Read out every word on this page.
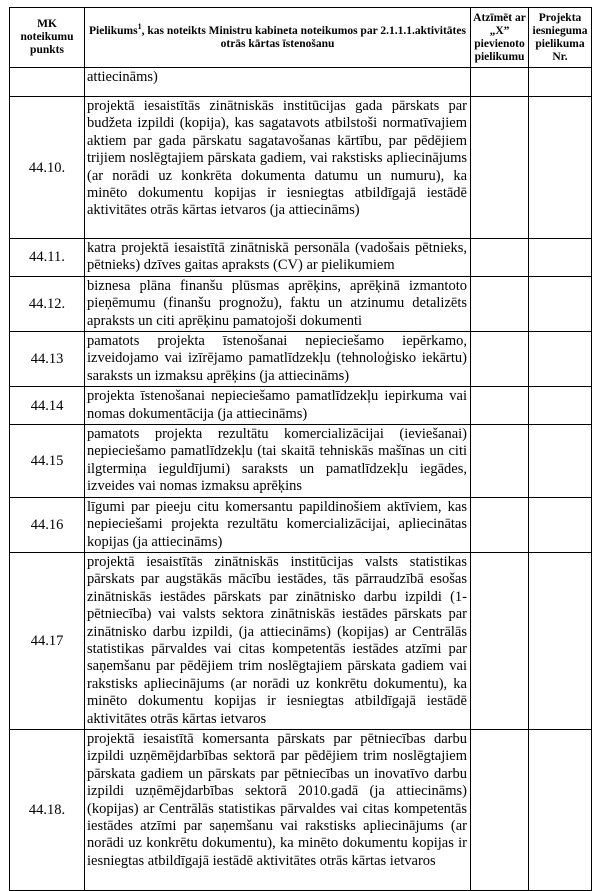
MK noteikumu punkts	Pielikums$^1$, kas noteikts Ministru kabineta noteikumos par 2.1.1.1.aktivitātes otrās kārtas īstenošanu	Atzīmēt ar „X” pievienoto pielikumu	Projekta iesnieguma pielikuma Nr.
	attiecināms)		
44.10.	projektā iesaistītās zinātniskās institūcijas gada pārskats par budžeta izpildi (kopija), kas sagatavots atbilstoši normatīvajiem aktiem par gada pārskatu sagatavošanas kārtību, par pēdējiem trijiem noslēgtajiem pārskata gadiem, vai rakstisks apliecinājums (ar norādi uz konkrēta dokumenta datumu un numuru), ka minēto dokumentu kopijas ir iesniegtas atbildīgajā iestādē aktivitātes otrās kārtas ietvaros (ja attiecināms)		
44.11.	katra projektā iesaistītā zinātniskā personāla (vadošais pētnieks, pētnieks) dzīves gaitas apraksts (CV) ar pielikumiem		
44.12.	biznesa plāna finanšu plūsmas aprēķins, aprēķinā izmantoto pieņēmumu (finanšu prognožu), faktu un atzinumu detalizēts apraksts un citi aprēķinu pamatojoši dokumenti		
44.13	pamatots projekta īstenošanai nepieciešamo iepērkamo, izveidojamo vai izīrējamo pamatlīdzekļu (tehnoloģisko iekārtu) saraksts un izmaksu aprēķins (ja attiecināms)		
44.14	projekta īstenošanai nepieciešamo pamatlīdzekļu iepirkuma vai nomas dokumentācija (ja attiecināms)		
44.15	pamatots projekta rezultātu komercializācijai (ieviešanai) nepieciešamo pamatlīdzekļu (tai skaitā tehniskās mašīnas un citi ilgtermiņa ieguldījumi) saraksts un pamatlīdzekļu iegādes, izveides vai nomas izmaksu aprēķins		
44.16	līgumi par pieeju citu komersantu papildinošiem aktīviem, kas nepieciešami projekta rezultātu komercializācijai, apliecinātas kopijas (ja attiecināms)		
44.17	projektā iesaistītās zinātniskās institūcijas valsts statistikas pārskats par augstākās mācību iestādes, tās pārraudzībā esošas zinātniskās iestādes pārskats par zinātnisko darbu izpildi (1-pētniecība) vai valsts sektora zinātniskās iestādes pārskats par zinātnisko darbu izpildi, (ja attiecināms) (kopijas) ar Centrālās statistikas pārvaldes vai citas kompetentās iestādes atzīmi par saņemšanu par pēdējiem trim noslēgtajiem pārskata gadiem vai rakstisks apliecinājums (ar norādi uz konkrētu dokumentu), ka minēto dokumentu kopijas ir iesniegtas atbildīgajā iestādē aktivitātes otrās kārtas ietvaros		
44.18.	projektā iesaistītā komersanta pārskats par pētniecības darbu izpildi uzņēmējdarbības sektorā par pēdējiem trim noslēgtajiem pārskata gadiem un pārskats par pētniecības un inovatīvo darbu izpildi uzņēmējdarbības sektorā 2010.gadā (ja attiecināms) (kopijas) ar Centrālās statistikas pārvaldes vai citas kompetentās iestādes atzīmi par saņemšanu vai rakstisks apliecinājums (ar norādi uz konkrētu dokumentu), ka minēto dokumentu kopijas ir iesniegtas atbildīgajā iestādē aktivitātes otrās kārtas ietvaros		
